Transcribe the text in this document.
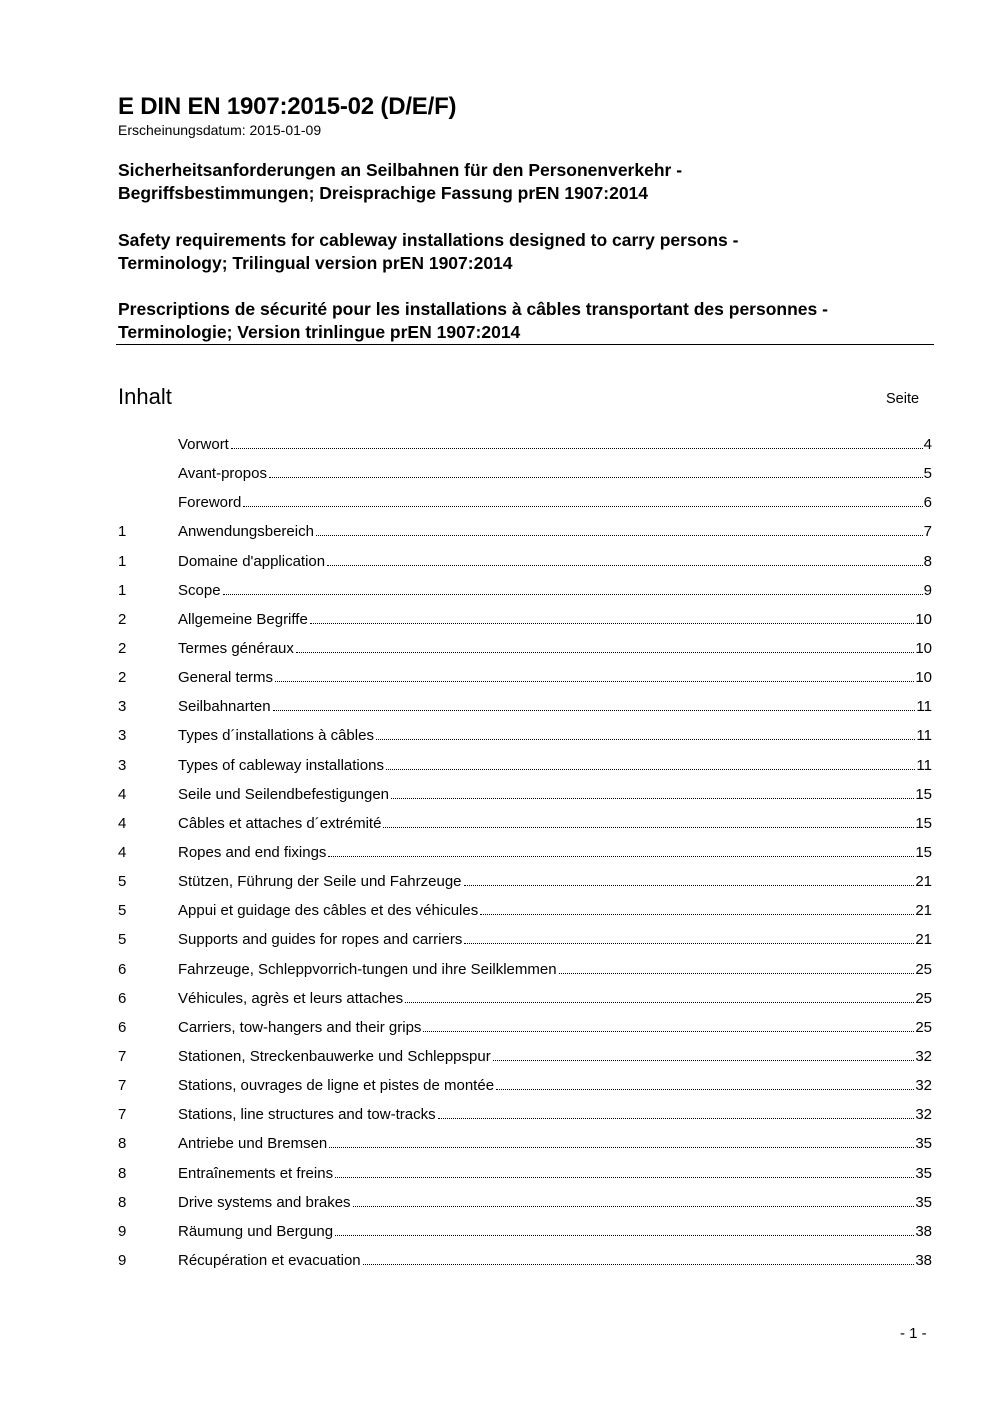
E DIN EN 1907:2015-02 (D/E/F)
Erscheinungsdatum: 2015-01-09
Sicherheitsanforderungen an Seilbahnen für den Personenverkehr -
Begriffsbestimmungen; Dreisprachige Fassung prEN 1907:2014
Safety requirements for cableway installations designed to carry persons -
Terminology; Trilingual version prEN 1907:2014
Prescriptions de sécurité pour les installations à câbles transportant des personnes -
Terminologie; Version trinlingue prEN 1907:2014
Inhalt	Seite
Vorwort	4
Avant-propos	5
Foreword	6
1	Anwendungsbereich	7
1	Domaine d'application	8
1	Scope	9
2	Allgemeine Begriffe	10
2	Termes généraux	10
2	General terms	10
3	Seilbahnarten	11
3	Types d´installations à câbles	11
3	Types of cableway installations	11
4	Seile und Seilendbefestigungen	15
4	Câbles et attaches d´extrémité	15
4	Ropes and end fixings	15
5	Stützen, Führung der Seile und Fahrzeuge	21
5	Appui et guidage des câbles et des véhicules	21
5	Supports and guides for ropes and carriers	21
6	Fahrzeuge, Schleppvorrich-tungen und ihre Seilklemmen	25
6	Véhicules, agrès et leurs attaches	25
6	Carriers, tow-hangers and their grips	25
7	Stationen, Streckenbauwerke und Schleppspur	32
7	Stations, ouvrages de ligne et pistes de montée	32
7	Stations, line structures and tow-tracks	32
8	Antriebe und Bremsen	35
8	Entraînements et freins	35
8	Drive systems and brakes	35
9	Räumung und Bergung	38
9	Récupération et evacuation	38
- 1 -
